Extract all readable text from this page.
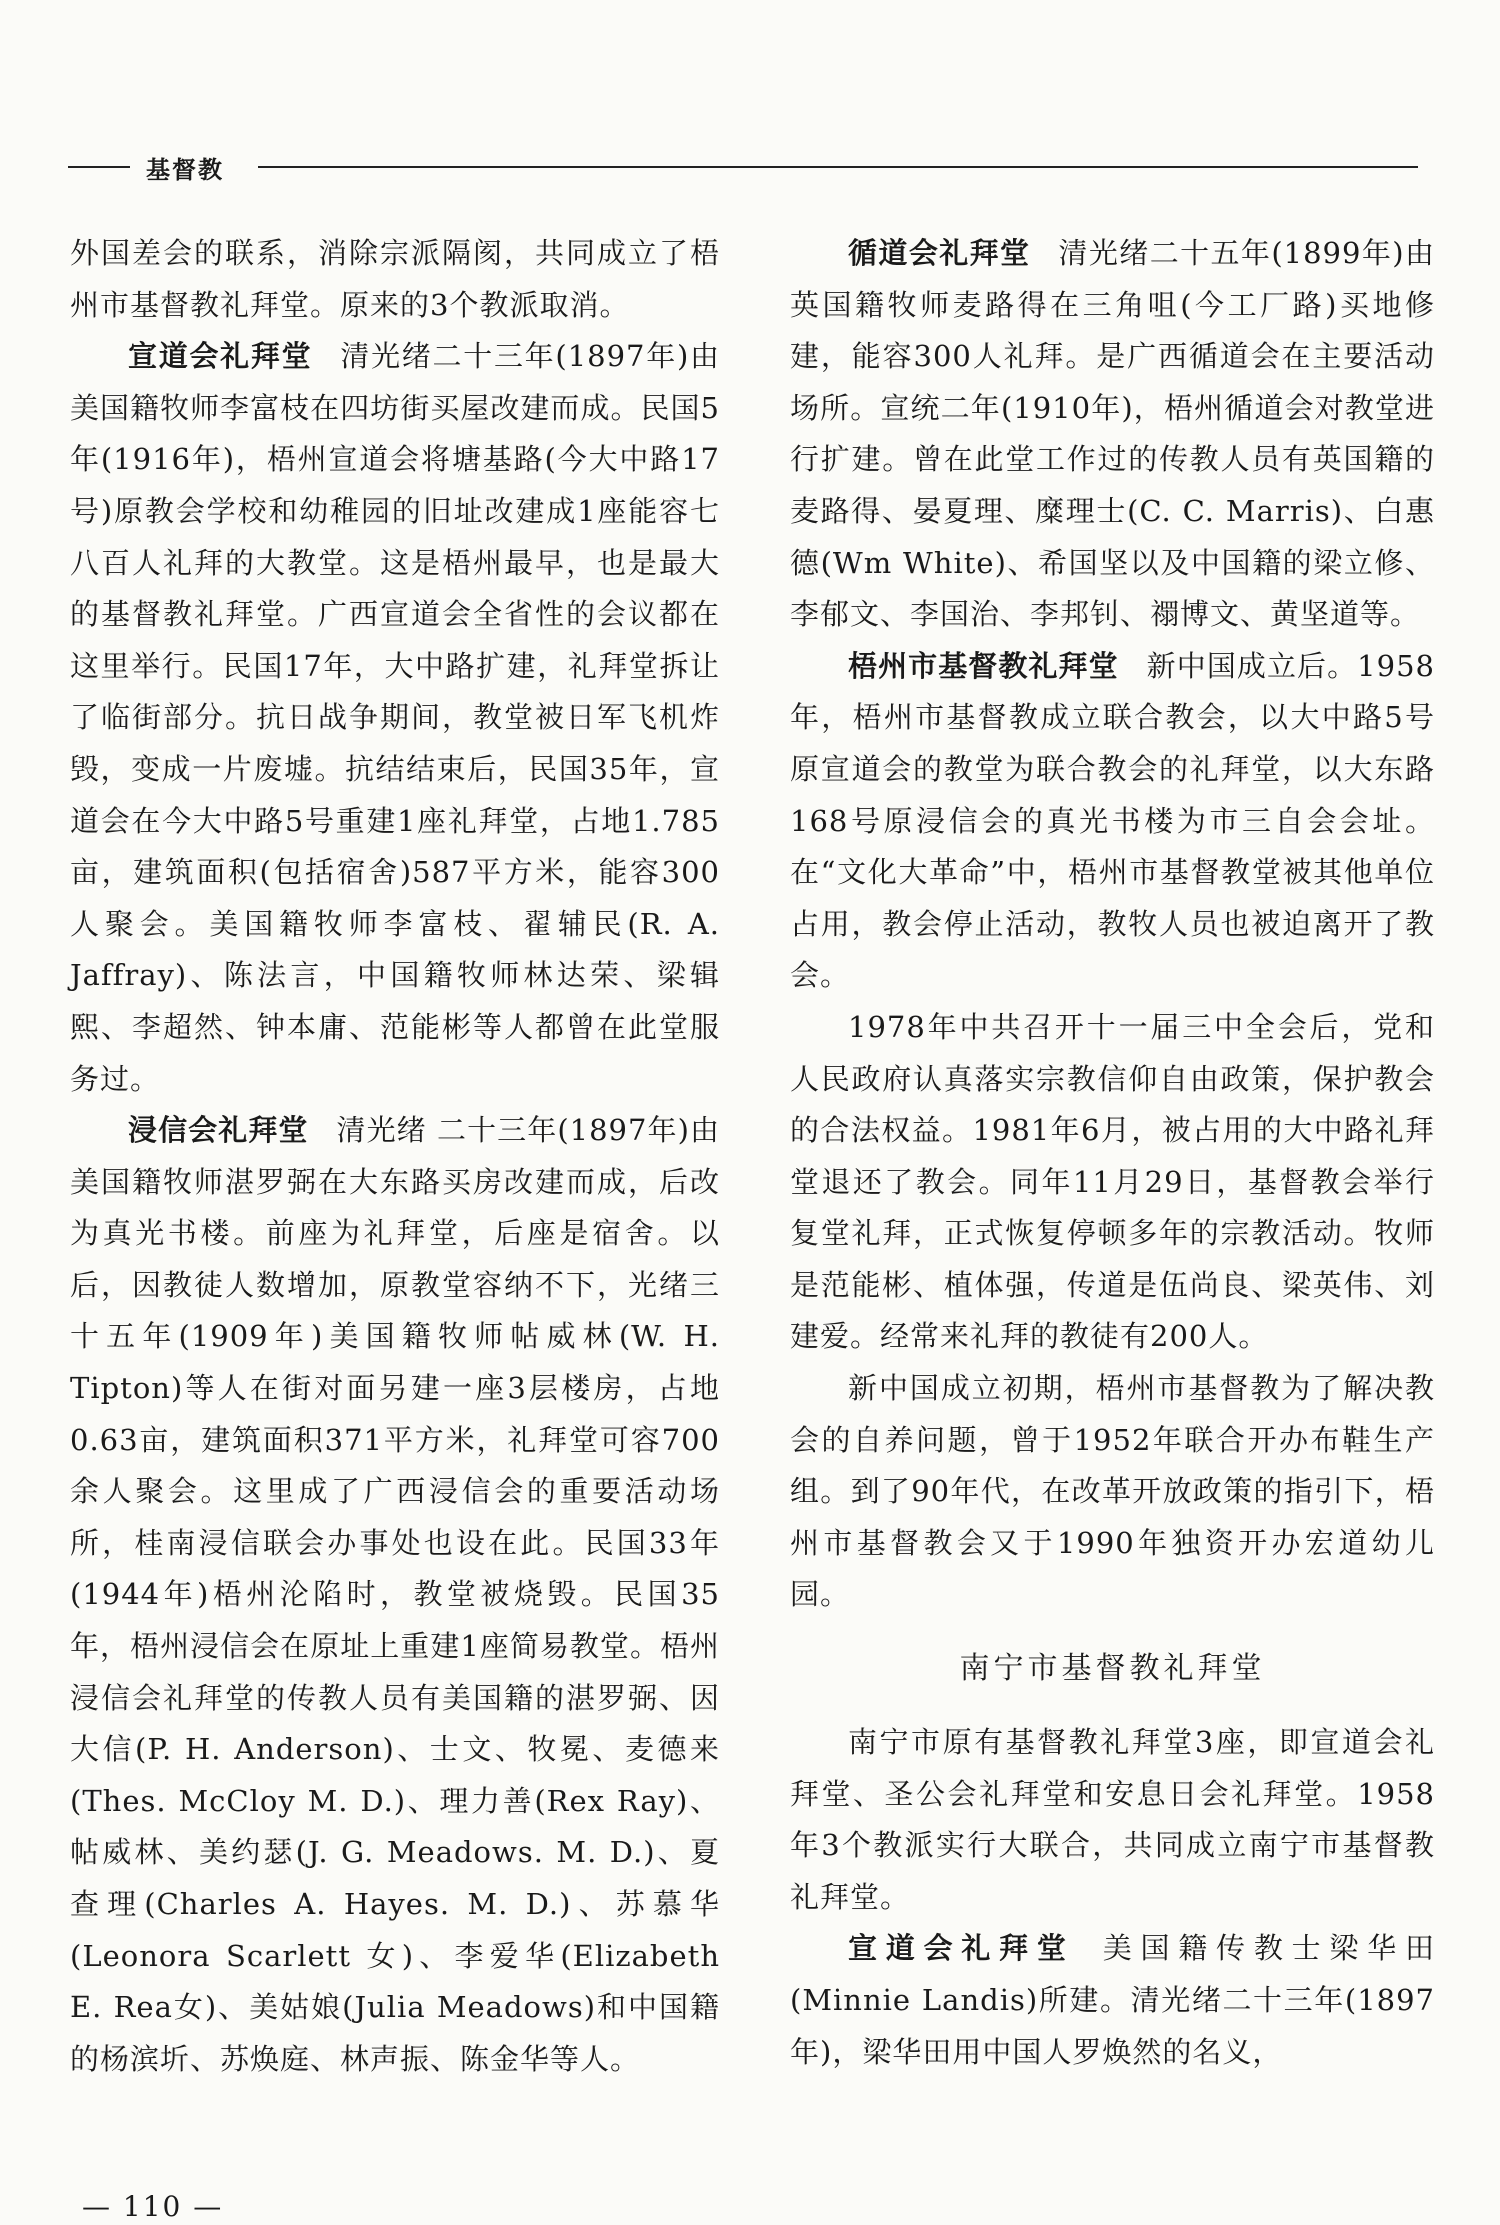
基督教

外国差会的联系，消除宗派隔阂，共同成立了梧州市基督教礼拜堂。原来的3个教派取消。

宣道会礼拜堂 清光绪二十三年(1897年)由美国籍牧师李富枝在四坊街买屋改建而成。民国5年(1916年)，梧州宣道会将塘基路(今大中路17号)原教会学校和幼稚园的旧址改建成1座能容七八百人礼拜的大教堂。这是梧州最早，也是最大的基督教礼拜堂。广西宣道会全省性的会议都在这里举行。民国17年，大中路扩建，礼拜堂拆让了临街部分。抗日战争期间，教堂被日军飞机炸毁，变成一片废墟。抗结结束后，民国35年，宣道会在今大中路5号重建1座礼拜堂，占地1.785亩，建筑面积(包括宿舍)587平方米，能容300人聚会。美国籍牧师李富枝、翟辅民(R. A. Jaffray)、陈法言，中国籍牧师林达荣、梁辑熙、李超然、钟本庸、范能彬等人都曾在此堂服务过。

浸信会礼拜堂 清光绪 二十三年(1897年)由美国籍牧师湛罗弼在大东路买房改建而成，后改为真光书楼。前座为礼拜堂，后座是宿舍。以后，因教徒人数增加，原教堂容纳不下，光绪三十五年(1909年)美国籍牧师帖威林(W. H. Tipton)等人在街对面另建一座3层楼房，占地0.63亩，建筑面积371平方米，礼拜堂可容700余人聚会。这里成了广西浸信会的重要活动场所，桂南浸信联会办事处也设在此。民国33年(1944年)梧州沦陷时，教堂被烧毁。民国35年，梧州浸信会在原址上重建1座简易教堂。梧州浸信会礼拜堂的传教人员有美国籍的湛罗弼、因大信(P. H. Anderson)、士文、牧冕、麦德来(Thes. McCloy M. D.)、理力善(Rex Ray)、帖威林、美约瑟(J. G. Meadows. M. D.)、夏查理(Charles A. Hayes. M. D.)、苏慕华(Leonora Scarlett 女)、李爱华(Elizabeth E. Rea女)、美姑娘(Julia Meadows)和中国籍的杨滨圻、苏焕庭、林声振、陈金华等人。

循道会礼拜堂 清光绪二十五年(1899年)由英国籍牧师麦路得在三角咀(今工厂路)买地修建，能容300人礼拜。是广西循道会在主要活动场所。宣统二年(1910年)，梧州循道会对教堂进行扩建。曾在此堂工作过的传教人员有英国籍的麦路得、晏夏理、糜理士(C. C. Marris)、白惠德(Wm White)、希国坚以及中国籍的梁立修、李郁文、李国治、李邦钊、禤博文、黄坚道等。

梧州市基督教礼拜堂 新中国成立后。1958年，梧州市基督教成立联合教会，以大中路5号原宣道会的教堂为联合教会的礼拜堂，以大东路168号原浸信会的真光书楼为市三自会会址。在“文化大革命”中，梧州市基督教堂被其他单位占用，教会停止活动，教牧人员也被迫离开了教会。

1978年中共召开十一届三中全会后，党和人民政府认真落实宗教信仰自由政策，保护教会的合法权益。1981年6月，被占用的大中路礼拜堂退还了教会。同年11月29日，基督教会举行复堂礼拜，正式恢复停顿多年的宗教活动。牧师是范能彬、植体强，传道是伍尚良、梁英伟、刘建爱。经常来礼拜的教徒有200人。

新中国成立初期，梧州市基督教为了解决教会的自养问题，曾于1952年联合开办布鞋生产组。到了90年代，在改革开放政策的指引下，梧州市基督教会又于1990年独资开办宏道幼儿园。

南宁市基督教礼拜堂

南宁市原有基督教礼拜堂3座，即宣道会礼拜堂、圣公会礼拜堂和安息日会礼拜堂。1958年3个教派实行大联合，共同成立南宁市基督教礼拜堂。

宣道会礼拜堂 美国籍传教士梁华田(Minnie Landis)所建。清光绪二十三年(1897年)，梁华田用中国人罗焕然的名义，

— 110 —
